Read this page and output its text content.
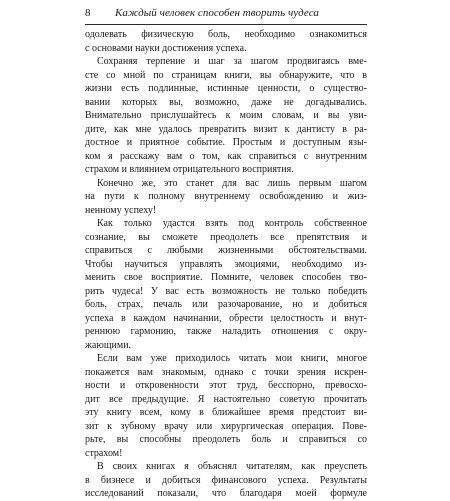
8 Каждый человек способен творить чудеса
одолевать физическую боль, необходимо ознакомиться
с основами науки достижения успеха.
Сохраняя терпение и шаг за шагом продвигаясь вме-
сте со мной по страницам книги, вы обнаружите, что в
жизни есть подлинные, истинные ценности, о существо-
вании которых вы, возможно, даже не догадывались.
Внимательно прислушайтесь к моим словам, и вы уви-
дите, как мне удалось превратить визит к дантисту в ра-
достное и приятное событие. Простым и доступным язы-
ком я расскажу вам о том, как справиться с внутренним
страхом и влиянием отрицательного восприятия.
Конечно же, это станет для вас лишь первым шагом
на пути к полному внутреннему освобождению и жиз-
ненному успеху!
Как только удастся взять под контроль собственное
сознание, вы сможете преодолеть все препятствия и
справиться с любыми жизненными обстоятельствами.
Чтобы научиться управлять эмоциями, необходимо из-
менить свое восприятие. Помните, человек способен тво-
рить чудеса! У вас есть возможность не только победить
боль, страх, печаль или разочарование, но и добиться
успеха в каждом начинании, обрести целостность и внут-
реннюю гармонию, также наладить отношения с окру-
жающими.
Если вам уже приходилось читать мои книги, многое
покажется вам знакомым, однако с точки зрения искрен-
ности и откровенности этот труд, бесспорно, превосхо-
дит все предыдущие. Я настоятельно советую прочитать
эту книгу всем, кому в ближайшее время предстоит ви-
зит к зубному врачу или хирургическая операция. Пове-
рьте, вы способны преодолеть боль и справиться со
страхом!
В своих книгах я объяснял читателям, как преуспеть
в бизнесе и добиться финансового успеха. Результаты
исследований показали, что благодаря моей формуле
